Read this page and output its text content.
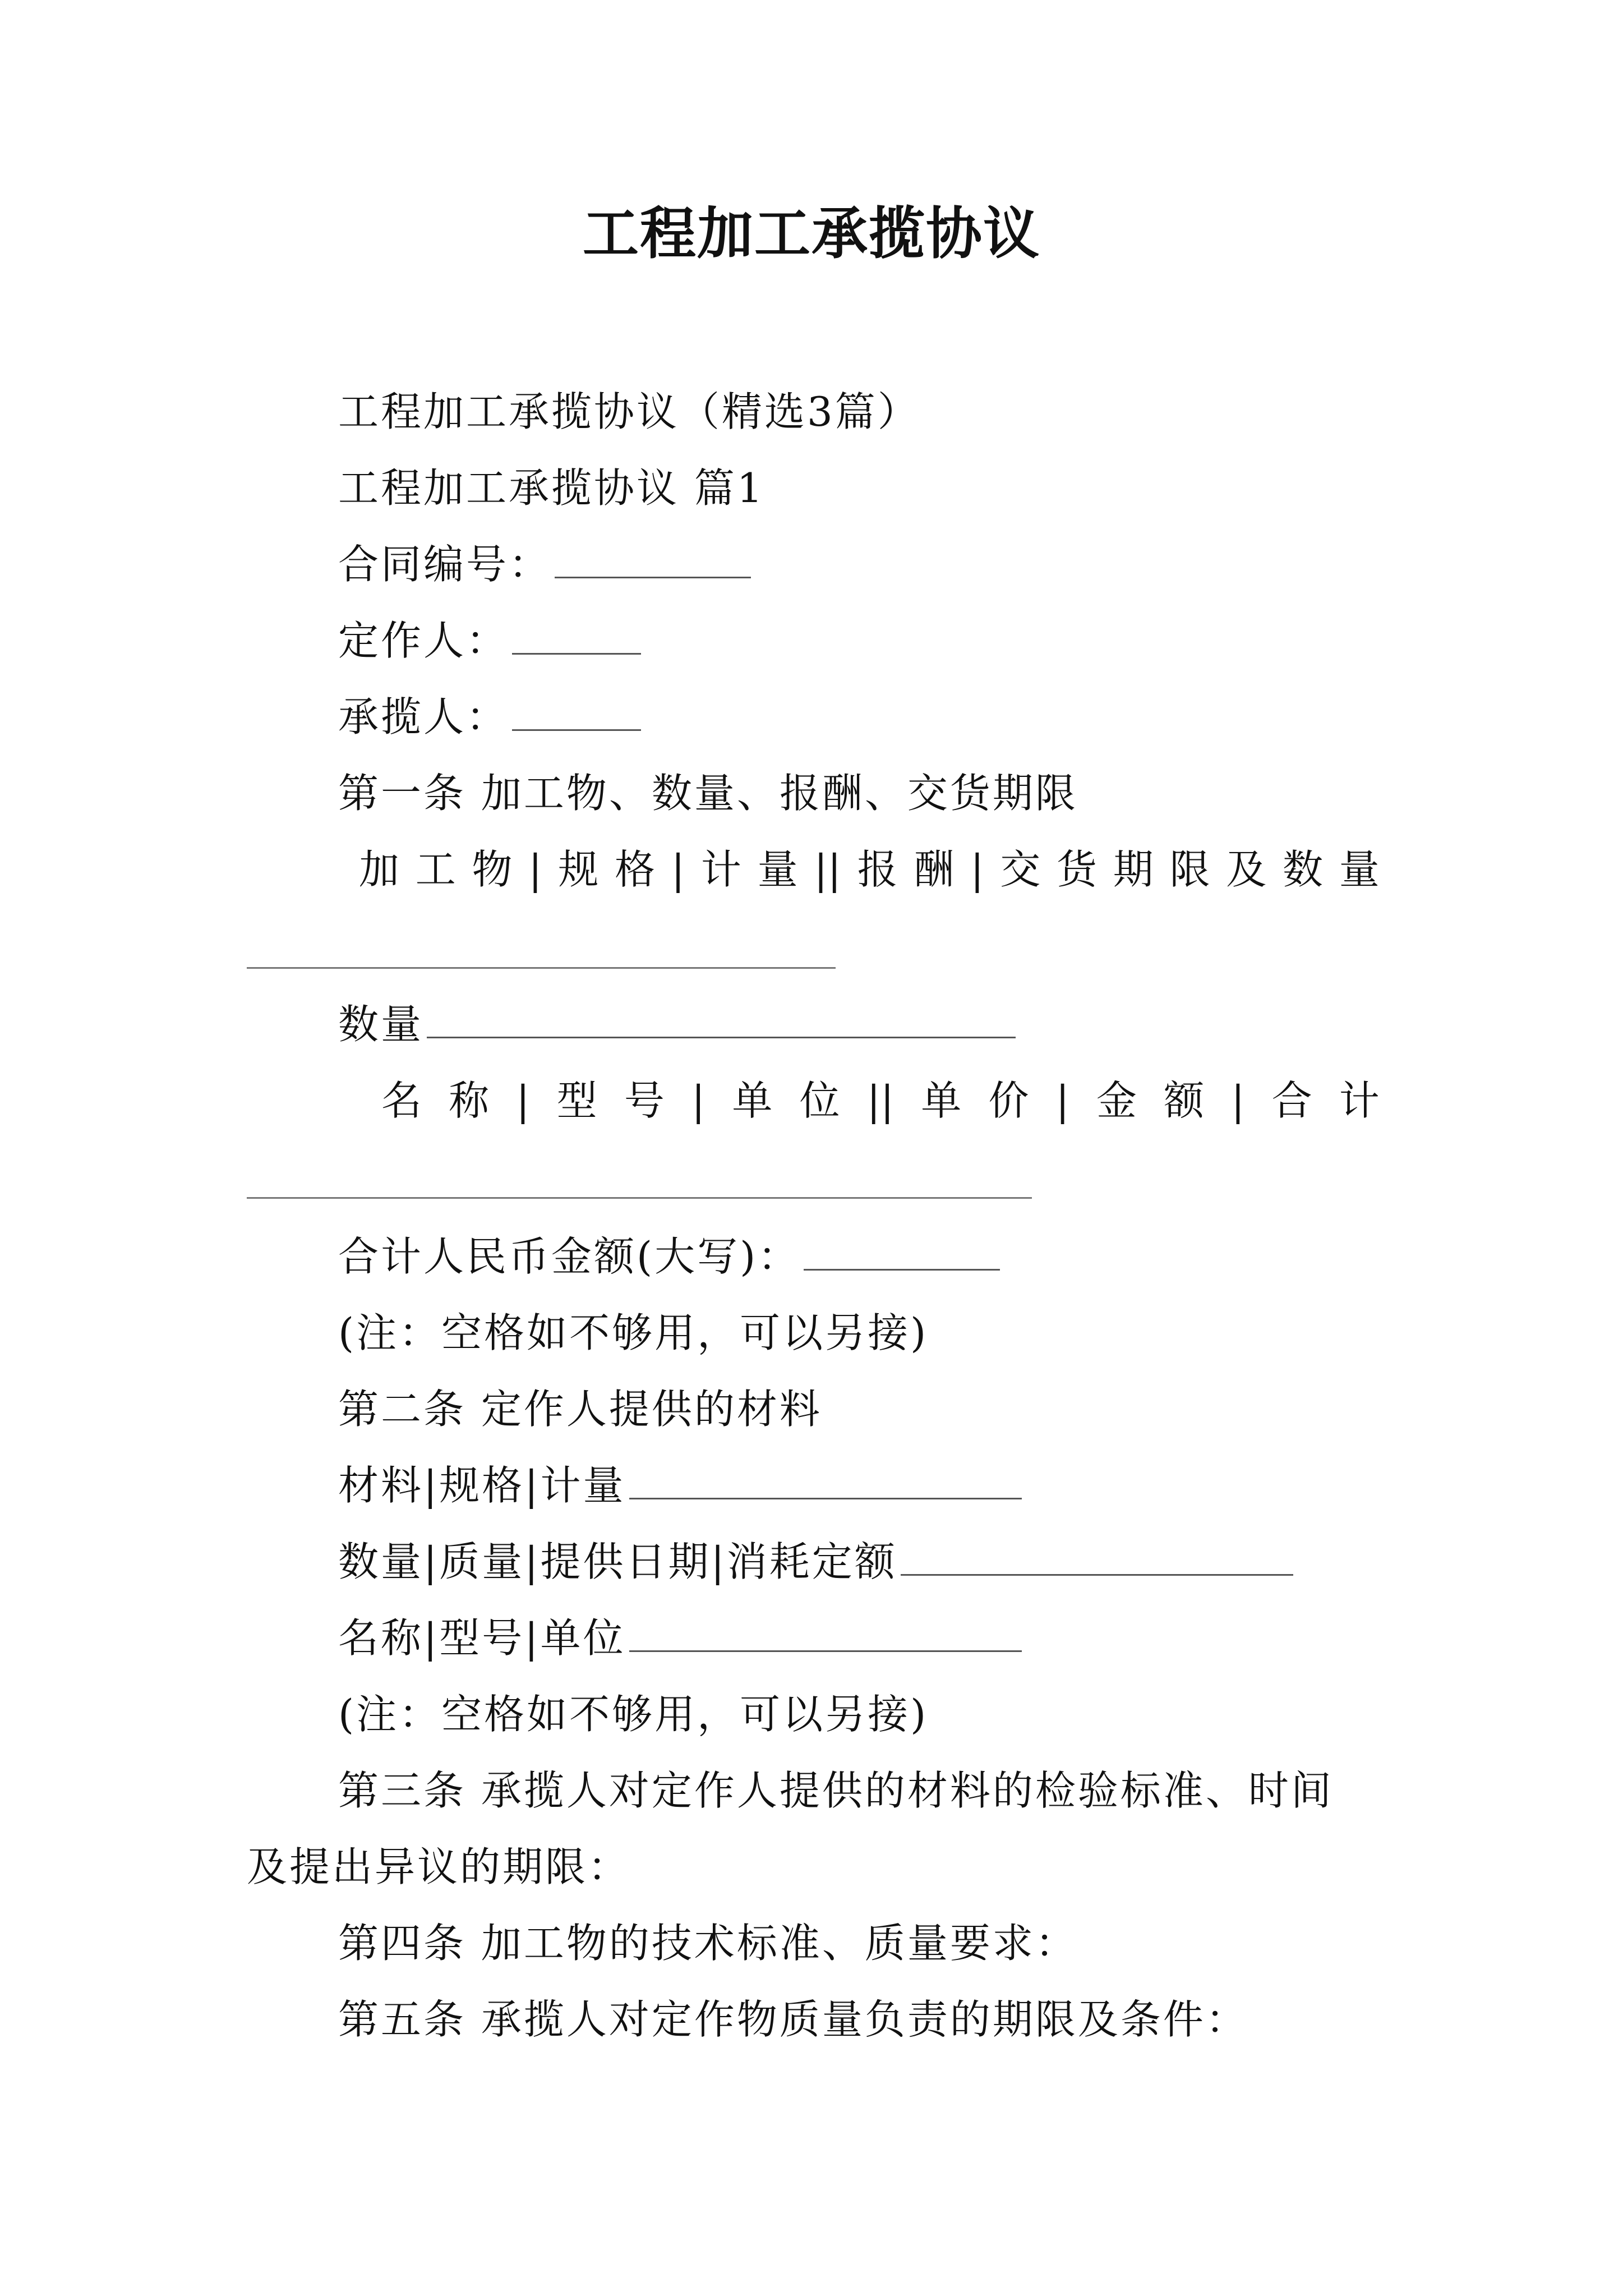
工程加工承揽协议
工程加工承揽协议（精选3篇）
工程加工承揽协议 篇1
合同编号：
定作人：
承揽人：
第一条 加工物、数量、报酬、交货期限
加 工 物 | 规 格 | 计 量 || 报 酬 | 交 货 期 限 及 数 量
数量
名 称 | 型 号 | 单 位 || 单 价 | 金 额 | 合 计
合计人民币金额(大写)：
(注：空格如不够用，可以另接)
第二条 定作人提供的材料
材料|规格|计量
数量|质量|提供日期|消耗定额
名称|型号|单位
(注：空格如不够用，可以另接)
第三条 承揽人对定作人提供的材料的检验标准、时间
及提出异议的期限：
第四条 加工物的技术标准、质量要求：
第五条 承揽人对定作物质量负责的期限及条件：
